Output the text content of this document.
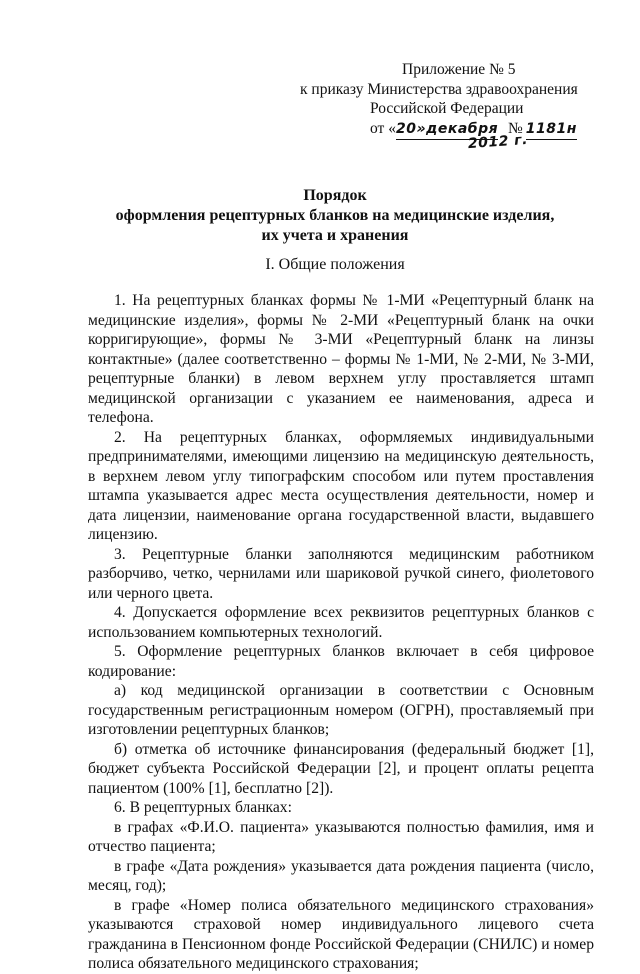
Приложение № 5
к приказу Министерства здравоохранения
Российской Федерации
от «20»декабря № 1181н
2012 г.
Порядок
оформления рецептурных бланков на медицинские изделия,
их учета и хранения
I. Общие положения

1. На рецептурных бланках формы № 1-МИ «Рецептурный бланк на медицинские изделия», формы № 2-МИ «Рецептурный бланк на очки корригирующие», формы № 3-МИ «Рецептурный бланк на линзы контактные» (далее соответственно – формы № 1-МИ, № 2-МИ, № 3-МИ, рецептурные бланки) в левом верхнем углу проставляется штамп медицинской организации с указанием ее наименования, адреса и телефона.

2. На рецептурных бланках, оформляемых индивидуальными предпринимателями, имеющими лицензию на медицинскую деятельность, в верхнем левом углу типографским способом или путем проставления штампа указывается адрес места осуществления деятельности, номер и дата лицензии, наименование органа государственной власти, выдавшего лицензию.

3. Рецептурные бланки заполняются медицинским работником разборчиво, четко, чернилами или шариковой ручкой синего, фиолетового или черного цвета.

4. Допускается оформление всех реквизитов рецептурных бланков с использованием компьютерных технологий.

5. Оформление рецептурных бланков включает в себя цифровое кодирование:

а) код медицинской организации в соответствии с Основным государственным регистрационным номером (ОГРН), проставляемый при изготовлении рецептурных бланков;

б) отметка об источнике финансирования (федеральный бюджет [1], бюджет субъекта Российской Федерации [2], и процент оплаты рецепта пациентом (100% [1], бесплатно [2]).

6. В рецептурных бланках:

в графах «Ф.И.О. пациента» указываются полностью фамилия, имя и отчество пациента;

в графе «Дата рождения» указывается дата рождения пациента (число, месяц, год);

в графе «Номер полиса обязательного медицинского страхования» указываются страховой номер индивидуального лицевого счета гражданина в Пенсионном фонде Российской Федерации (СНИЛС) и номер полиса обязательного медицинского страхования;
